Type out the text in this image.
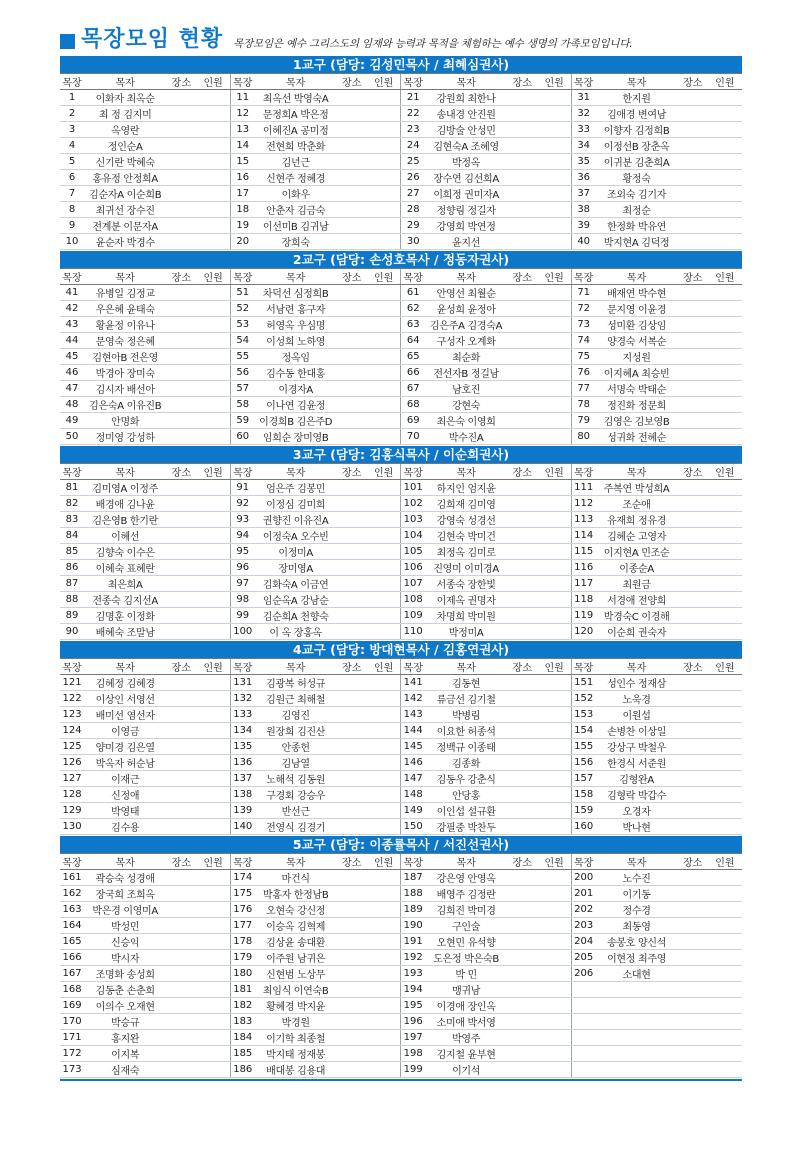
목장모임 현황 목장모임은 예수 그리스도의 임재와 능력과 목적을 체험하는 예수 생명의 가족모임입니다.
1교구 (담당: 김성민목사 / 최혜심권사)
목장	목자	장소	인원	목장	목자	장소	인원	목장	목자	장소	인원	목장	목자	장소	인원
1	이화자 최옥순			11	최옥선 박영숙A			21	강원희 최한나			31	한지원		
2	최 정 김지미			12	문정희A 박은정			22	송내경 안진원			32	김애경 변여남		
3	옥영란			13	이혜진A 공미정			23	김방술 안성민			33	이향자 김정희B		
4	정인순A			14	전현희 박춘화			24	김현숙A 조혜영			34	이정선B 장춘옥		
5	신기란 박혜숙			15	김년근			25	박정옥			35	이귀분 김춘희A		
6	홍유정 안정희A			16	신현주 정혜경			26	장수연 김선희A			36	황정숙		
7	김순자A 이순희B			17	이화우			27	이희정 권미자A			37	조외숙 김기자		
8	최귀선 장수진			18	안춘자 김금숙			28	정향림 정길자			38	최정순		
9	전계분 이문자A			19	이선미B 김귀남			29	강영희 박연정			39	한정화 박유연		
10	윤순자 박경수			20	장희숙			30	윤지선			40	박지현A 김덕정		
2교구 (담당: 손성호목사 / 정동자권사)
목장	목자	장소	인원	목장	목자	장소	인원	목장	목자	장소	인원	목장	목자	장소	인원
41	유병일 김정교			51	차덕선 심정희B			61	안영선 최월순			71	배재연 박수현		
42	우은혜 윤태숙			52	서남련 홍구자			62	윤성희 윤정아			72	문지영 이윤경		
43	황윤정 이유나			53	허영옥 우심명			63	김은주A 김경숙A			73	성미환 김상임		
44	문영숙 정은혜			54	이성희 노하영			64	구성자 오계화			74	양경숙 서복순		
45	김현아B 전은영			55	정옥임			65	최순화			75	지성원		
46	박경아 장미숙			56	김수동 한대홍			66	전선자B 정길남			76	이지혜A 최승빈		
47	김시자 배선아			57	이경자A			67	남호진			77	서명숙 박태순		
48	김은숙A 이유진B			58	이나연 김윤정			68	강현숙			78	정진화 정문희		
49	안명화			59	이경희B 김은주D			69	최은숙 이영희			79	김영은 김보영B		
50	정미영 강성하			60	임희순 장미영B			70	박수진A			80	성귀화 전혜순		
3교구 (담당: 김홍식목사 / 이순희권사)
목장	목자	장소	인원	목장	목자	장소	인원	목장	목자	장소	인원	목장	목자	장소	인원
81	김미영A 이정주			91	엄은주 김봉민			101	하지인 엄지윤			111	주복연 박성희A		
82	배경애 김나윤			92	이정심 김미희			102	김희재 김미영			112	조순애		
83	김은영B 한기란			93	권향진 이유진A			103	강영숙 성경선			113	유재희 정유경		
84	이혜선			94	이정숙A 오수빈			104	김현숙 박미건			114	김혜순 고영자		
85	김향숙 이수은			95	이정미A			105	최정옥 김미로			115	이지현A 민조순		
86	이혜숙 표혜란			96	장미영A			106	진영미 이미경A			116	이종순A		
87	최은희A			97	김화숙A 이금연			107	서종숙 장한빛			117	최원금		
88	전종숙 김지선A			98	임순옥A 강남순			108	이제옥 권명자			118	서경애 전양희		
89	김명훈 이정화			99	김순희A 천향숙			109	차명희 박미원			119	박경숙C 이경해		
90	배혜숙 조말남			100	이 옥 장홍옥			110	박정미A			120	이순희 권숙자		
4교구 (담당: 방대현목사 / 김홍연권사)
목장	목자	장소	인원	목장	목자	장소	인원	목장	목자	장소	인원	목장	목자	장소	인원
121	김혜정 김혜경			131	김광복 허성규			141	김동현			151	성인수 정재삼		
122	이상인 서영선			132	김원근 최해철			142	류금선 김기철			152	노욱경		
123	배미선 염선자			133	김영진			143	박병림			153	이원섭		
124	이영금			134	원장희 김진산			144	이요한 허종석			154	손병찬 이상일		
125	양미경 김은열			135	안종헌			145	정백규 이종태			155	강상구 박철우		
126	박옥자 허순남			136	김남열			146	김종화			156	한경식 서준원		
127	이재근			137	노해석 김동원			147	김동우 강춘식			157	김형완A		
128	신정애			138	구경회 강승우			148	안당홍			158	김형락 박갑수		
129	박영태			139	반선근			149	이인섭 설규환			159	오경자		
130	김수용			140	전영식 김경기			150	강필중 박찬두			160	박나현		
5교구 (담당: 이종률목사 / 서진선권사)
목장	목자	장소	인원	목장	목자	장소	인원	목장	목자	장소	인원	목장	목자	장소	인원
161	곽승숙 성경애			174	마건식			187	강은영 안영옥			200	노수진		
162	장국희 조희옥			175	박홍자 한정남B			188	배영주 김정란			201	이기동		
163	박은경 이영미A			176	오현숙 강신정			189	김희진 박미경			202	정수경		
164	박성민			177	이승옥 김혁제			190	구인술			203	최동영		
165	신승익			178	김상윤 송대환			191	오현민 유석향			204	송봉호 양신석		
166	박시자			179	이주원 남귀은			192	도은정 박은숙B			205	이현정 최주영		
167	조명화 송성희			180	신현범 노상무			193	박 민			206	소대현		
168	김동춘 손춘희			181	최임식 이연숙B			194	맹귀남						
169	이의수 오재현			182	황혜경 박지윤			195	이경애 장인옥						
170	박승규			183	박경원			196	소미애 박서영						
171	홍지완			184	이기학 최종철			197	박영주						
172	이지복			185	박지태 정재봉			198	김지철 윤부현						
173	심재숙			186	배대봉 김용대			199	이기석						
